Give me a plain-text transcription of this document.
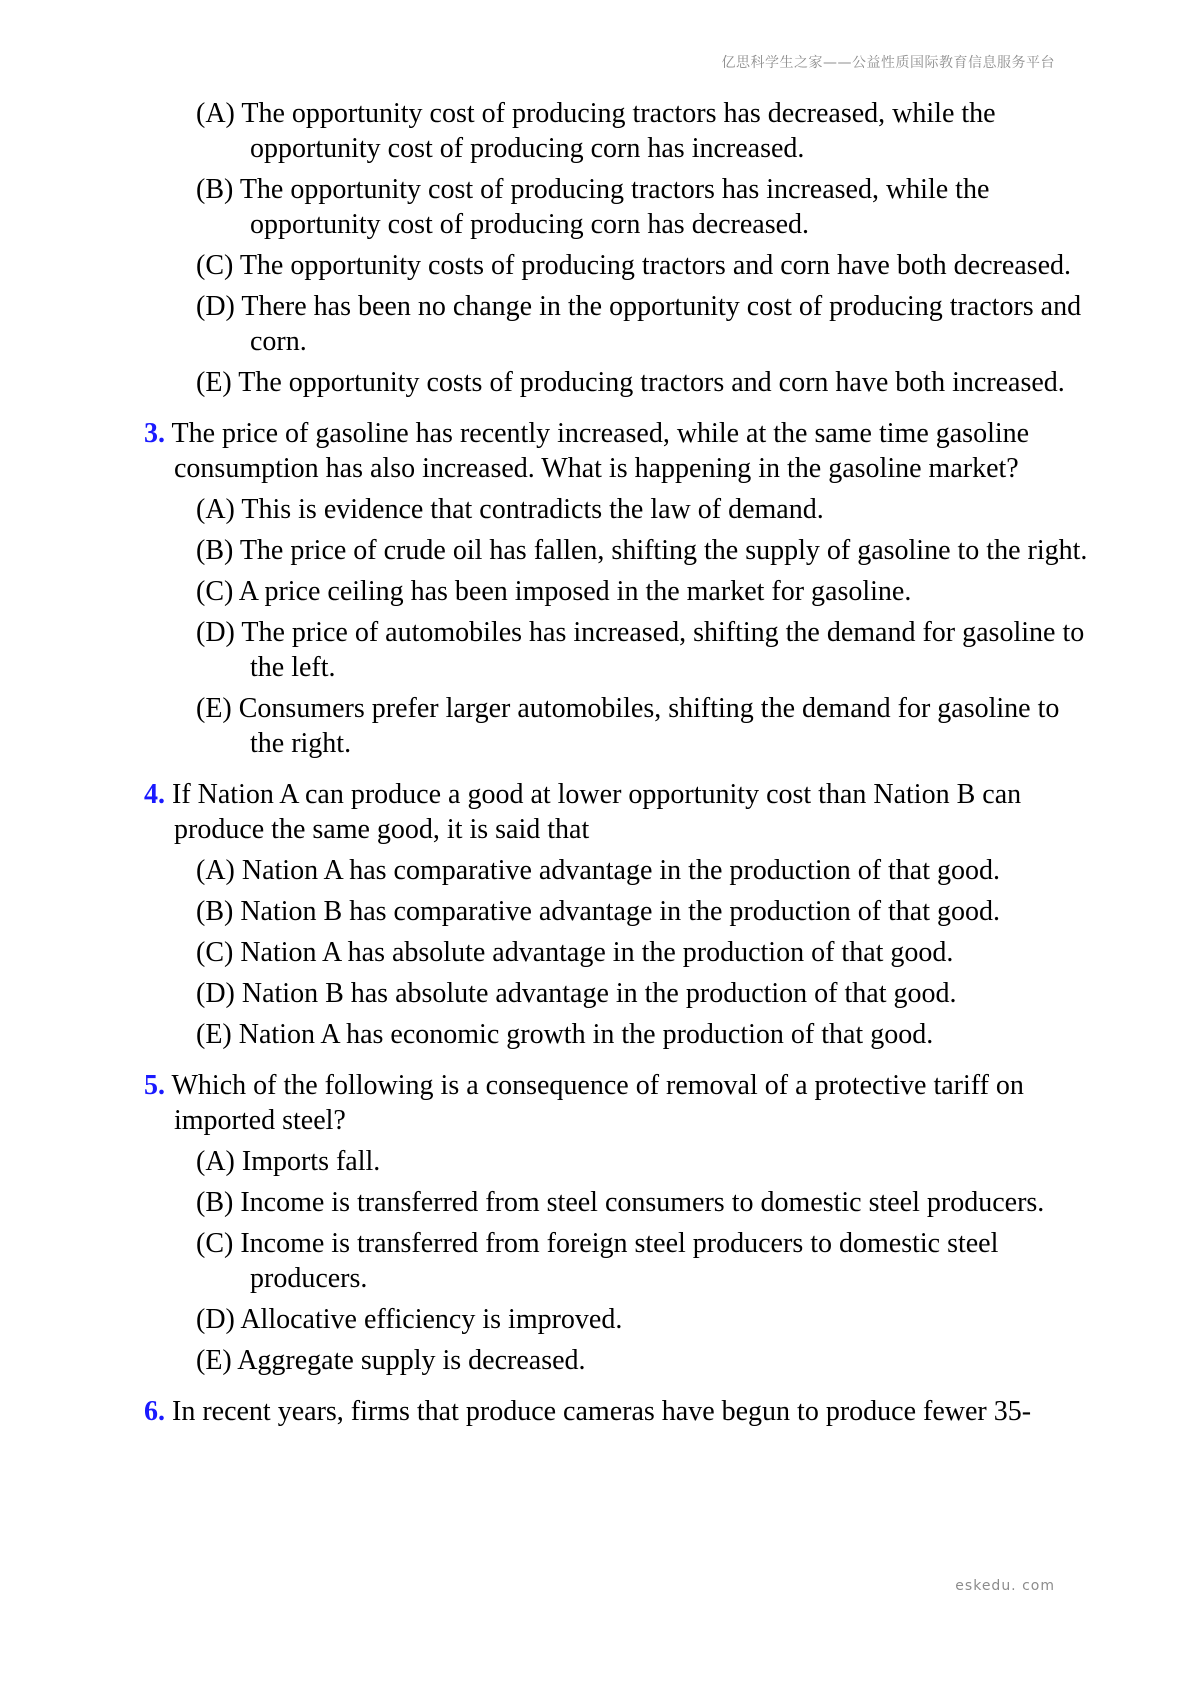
亿思科学生之家——公益性质国际教育信息服务平台
(A) The opportunity cost of producing tractors has decreased, while the opportunity cost of producing corn has increased.
(B) The opportunity cost of producing tractors has increased, while the opportunity cost of producing corn has decreased.
(C) The opportunity costs of producing tractors and corn have both decreased.
(D) There has been no change in the opportunity cost of producing tractors and corn.
(E) The opportunity costs of producing tractors and corn have both increased.
3. The price of gasoline has recently increased, while at the same time gasoline consumption has also increased. What is happening in the gasoline market?
(A) This is evidence that contradicts the law of demand.
(B) The price of crude oil has fallen, shifting the supply of gasoline to the right.
(C) A price ceiling has been imposed in the market for gasoline.
(D) The price of automobiles has increased, shifting the demand for gasoline to the left.
(E) Consumers prefer larger automobiles, shifting the demand for gasoline to the right.
4. If Nation A can produce a good at lower opportunity cost than Nation B can produce the same good, it is said that
(A) Nation A has comparative advantage in the production of that good.
(B) Nation B has comparative advantage in the production of that good.
(C) Nation A has absolute advantage in the production of that good.
(D) Nation B has absolute advantage in the production of that good.
(E) Nation A has economic growth in the production of that good.
5. Which of the following is a consequence of removal of a protective tariff on imported steel?
(A) Imports fall.
(B) Income is transferred from steel consumers to domestic steel producers.
(C) Income is transferred from foreign steel producers to domestic steel producers.
(D) Allocative efficiency is improved.
(E) Aggregate supply is decreased.
6. In recent years, firms that produce cameras have begun to produce fewer 35-
eskedu. com
